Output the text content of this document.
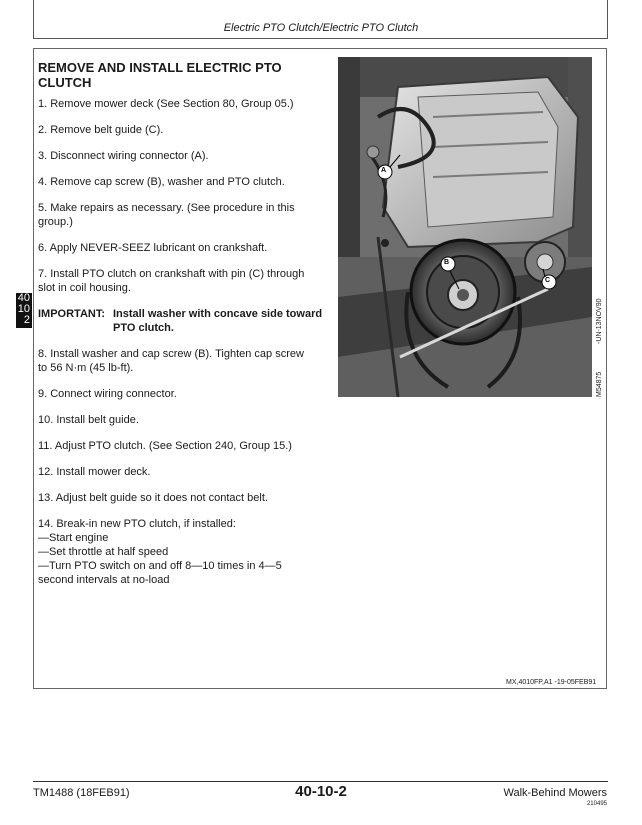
Electric PTO Clutch/Electric PTO Clutch
REMOVE AND INSTALL ELECTRIC PTO CLUTCH
1. Remove mower deck (See Section 80, Group 05.)
2. Remove belt guide (C).
3. Disconnect wiring connector (A).
4. Remove cap screw (B), washer and PTO clutch.
5. Make repairs as necessary. (See procedure in this
group.)
6. Apply NEVER-SEEZ lubricant on crankshaft.
7. Install PTO clutch on crankshaft with pin (C) through
slot in coil housing.
IMPORTANT: Install washer with concave side toward
PTO clutch.
8. Install washer and cap screw (B). Tighten cap screw
to 56 N·m (45 lb-ft).
9. Connect wiring connector.
10. Install belt guide.
11. Adjust PTO clutch. (See Section 240, Group 15.)
12. Install mower deck.
13. Adjust belt guide so it does not contact belt.
14. Break-in new PTO clutch, if installed:
—Start engine
—Set throttle at half speed
—Turn PTO switch on and off 8—10 times in 4—5
second intervals at no-load
40
10
2
A
B
C
-UN-13NOV90
M54875
MX,4010FP,A1 -19-05FEB91
TM1488 (18FEB91)	40-10-2	Walk-Behind Mowers
210495
